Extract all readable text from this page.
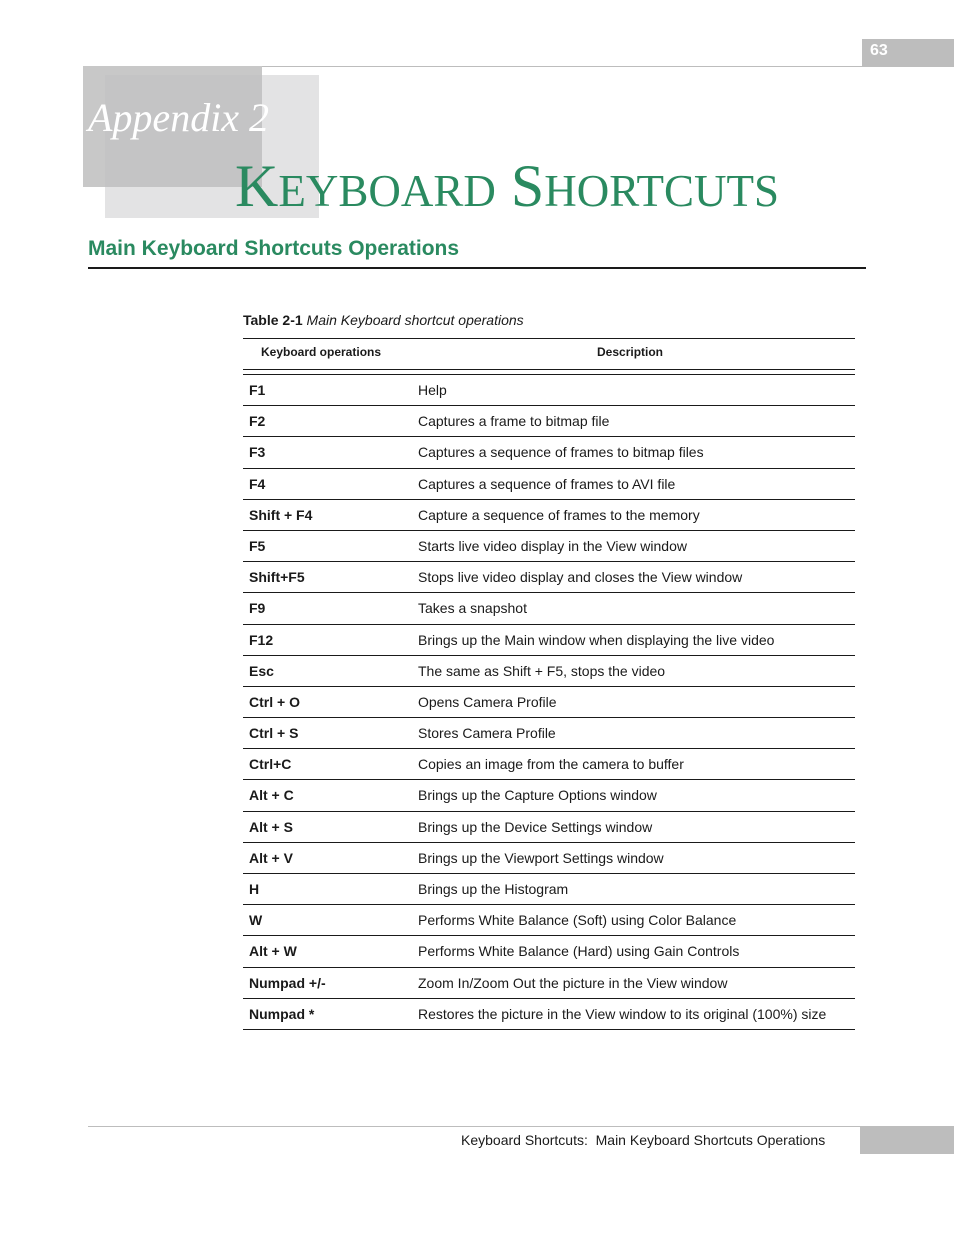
63
Appendix 2
KEYBOARD SHORTCUTS
Main Keyboard Shortcuts Operations
Table 2-1 Main Keyboard shortcut operations
Keyboard operations	Description
F1	Help
F2	Captures a frame to bitmap file
F3	Captures a sequence of frames to bitmap files
F4	Captures a sequence of frames to AVI file
Shift + F4	Capture a sequence of frames to the memory
F5	Starts live video display in the View window
Shift+F5	Stops live video display and closes the View window
F9	Takes a snapshot
F12	Brings up the Main window when displaying the live video
Esc	The same as Shift + F5, stops the video
Ctrl + O	Opens Camera Profile
Ctrl + S	Stores Camera Profile
Ctrl+C	Copies an image from the camera to buffer
Alt + C	Brings up the Capture Options window
Alt + S	Brings up the Device Settings window
Alt + V	Brings up the Viewport Settings window
H	Brings up the Histogram
W	Performs White Balance (Soft) using Color Balance
Alt + W	Performs White Balance (Hard) using Gain Controls
Numpad +/-	Zoom In/Zoom Out the picture in the View window
Numpad *	Restores the picture in the View window to its original (100%) size
Keyboard Shortcuts:  Main Keyboard Shortcuts Operations
